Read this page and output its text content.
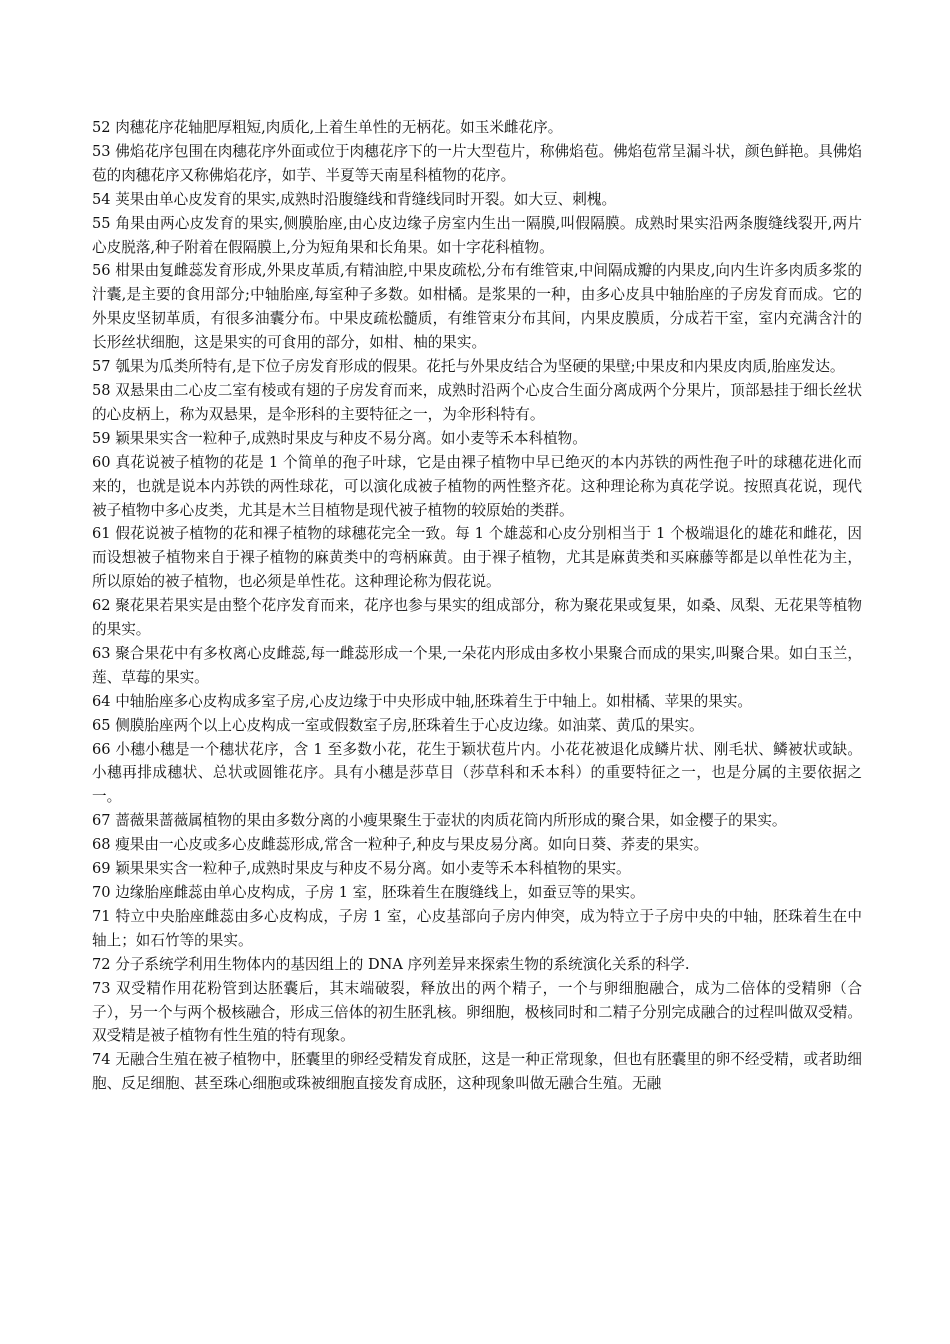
52 肉穗花序花轴肥厚粗短,肉质化,上着生单性的无柄花。如玉米雌花序。

53 佛焰花序包围在肉穗花序外面或位于肉穗花序下的一片大型苞片，称佛焰苞。佛焰苞常呈漏斗状，颜色鲜艳。具佛焰苞的肉穗花序又称佛焰花序，如芋、半夏等天南星科植物的花序。

54 荚果由单心皮发育的果实,成熟时沿腹缝线和背缝线同时开裂。如大豆、刺槐。

55 角果由两心皮发育的果实,侧膜胎座,由心皮边缘子房室内生出一隔膜,叫假隔膜。成熟时果实沿两条腹缝线裂开,两片心皮脱落,种子附着在假隔膜上,分为短角果和长角果。如十字花科植物。

56 柑果由复雌蕊发育形成,外果皮革质,有精油腔,中果皮疏松,分布有维管束,中间隔成瓣的内果皮,向内生许多肉质多浆的汁囊,是主要的食用部分;中轴胎座,每室种子多数。如柑橘。是浆果的一种，由多心皮具中轴胎座的子房发育而成。它的外果皮坚韧革质，有很多油囊分布。中果皮疏松髓质，有维管束分布其间，内果皮膜质，分成若干室，室内充满含汁的长形丝状细胞，这是果实的可食用的部分，如柑、柚的果实。

57 瓠果为瓜类所特有,是下位子房发育形成的假果。花托与外果皮结合为坚硬的果壁;中果皮和内果皮肉质,胎座发达。

58 双悬果由二心皮二室有棱或有翅的子房发育而来，成熟时沿两个心皮合生面分离成两个分果片，顶部悬挂于细长丝状的心皮柄上，称为双悬果，是伞形科的主要特征之一，为伞形科特有。

59 颖果果实含一粒种子,成熟时果皮与种皮不易分离。如小麦等禾本科植物。

60 真花说被子植物的花是 1 个简单的孢子叶球，它是由裸子植物中早已绝灭的本内苏铁的两性孢子叶的球穗花进化而来的，也就是说本内苏铁的两性球花，可以演化成被子植物的两性整齐花。这种理论称为真花学说。按照真花说，现代被子植物中多心皮类，尤其是木兰目植物是现代被子植物的较原始的类群。

61 假花说被子植物的花和裸子植物的球穗花完全一致。每 1 个雄蕊和心皮分别相当于 1 个极端退化的雄花和雌花，因而设想被子植物来自于裸子植物的麻黄类中的弯柄麻黄。由于裸子植物，尤其是麻黄类和买麻藤等都是以单性花为主，所以原始的被子植物，也必须是单性花。这种理论称为假花说。

62 聚花果若果实是由整个花序发育而来，花序也参与果实的组成部分，称为聚花果或复果，如桑、凤梨、无花果等植物的果实。

63 聚合果花中有多枚离心皮雌蕊,每一雌蕊形成一个果,一朵花内形成由多枚小果聚合而成的果实,叫聚合果。如白玉兰，莲、草莓的果实。

64 中轴胎座多心皮构成多室子房,心皮边缘于中央形成中轴,胚珠着生于中轴上。如柑橘、苹果的果实。

65 侧膜胎座两个以上心皮构成一室或假数室子房,胚珠着生于心皮边缘。如油菜、黄瓜的果实。

66 小穗小穗是一个穗状花序，含 1 至多数小花，花生于颖状苞片内。小花花被退化成鳞片状、刚毛状、鳞被状或缺。小穗再排成穗状、总状或圆锥花序。具有小穗是莎草目（莎草科和禾本科）的重要特征之一，也是分属的主要依据之一。

67 蔷薇果蔷薇属植物的果由多数分离的小瘦果聚生于壶状的肉质花筒内所形成的聚合果，如金樱子的果实。

68 瘦果由一心皮或多心皮雌蕊形成,常含一粒种子,种皮与果皮易分离。如向日葵、荞麦的果实。

69 颖果果实含一粒种子,成熟时果皮与种皮不易分离。如小麦等禾本科植物的果实。

70 边缘胎座雌蕊由单心皮构成，子房 1 室，胚珠着生在腹缝线上，如蚕豆等的果实。

71 特立中央胎座雌蕊由多心皮构成，子房 1 室，心皮基部向子房内伸突，成为特立于子房中央的中轴，胚珠着生在中轴上；如石竹等的果实。

72 分子系统学利用生物体内的基因组上的 DNA 序列差异来探索生物的系统演化关系的科学.

73 双受精作用花粉管到达胚囊后，其末端破裂，释放出的两个精子，一个与卵细胞融合，成为二倍体的受精卵（合子），另一个与两个极核融合，形成三倍体的初生胚乳核。卵细胞，极核同时和二精子分别完成融合的过程叫做双受精。双受精是被子植物有性生殖的特有现象。

74 无融合生殖在被子植物中，胚囊里的卵经受精发育成胚，这是一种正常现象，但也有胚囊里的卵不经受精，或者助细胞、反足细胞、甚至珠心细胞或珠被细胞直接发育成胚，这种现象叫做无融合生殖。无融
